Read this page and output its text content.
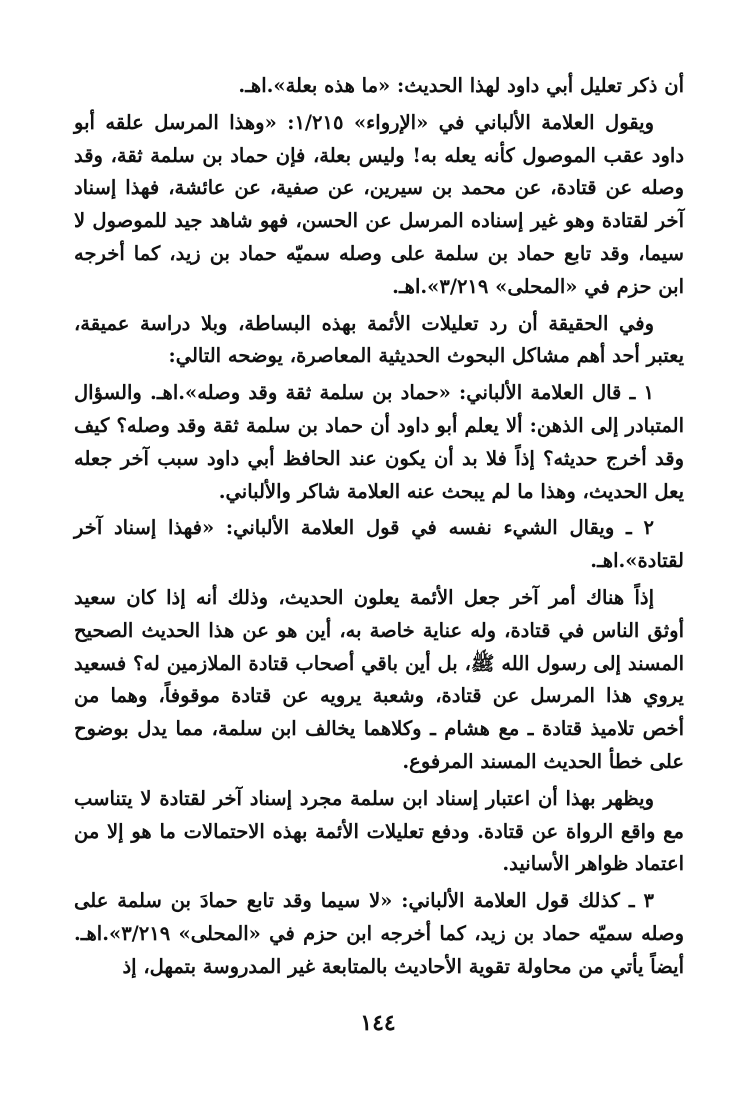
أن ذكر تعليل أبي داود لهذا الحديث: «ما هذه بعلة».اهـ.

ويقول العلامة الألباني في «الإرواء» ١/٢١٥: «وهذا المرسل علقه أبو داود عقب الموصول كأنه يعله به! وليس بعلة، فإن حماد بن سلمة ثقة، وقد وصله عن قتادة، عن محمد بن سيرين، عن صفية، عن عائشة، فهذا إسناد آخر لقتادة وهو غير إسناده المرسل عن الحسن، فهو شاهد جيد للموصول لا سيما، وقد تابع حماد بن سلمة على وصله سميّه حماد بن زيد، كما أخرجه ابن حزم في «المحلى» ٣/٢١٩».اهـ.

وفي الحقيقة أن رد تعليلات الأئمة بهذه البساطة، وبلا دراسة عميقة، يعتبر أحد أهم مشاكل البحوث الحديثية المعاصرة، يوضحه التالي:

١ ـ قال العلامة الألباني: «حماد بن سلمة ثقة وقد وصله».اهـ. والسؤال المتبادر إلى الذهن: ألا يعلم أبو داود أن حماد بن سلمة ثقة وقد وصله؟ كيف وقد أخرج حديثه؟ إذاً فلا بد أن يكون عند الحافظ أبي داود سبب آخر جعله يعل الحديث، وهذا ما لم يبحث عنه العلامة شاكر والألباني.

٢ ـ ويقال الشيء نفسه في قول العلامة الألباني: «فهذا إسناد آخر لقتادة».اهـ.

إذاً هناك أمر آخر جعل الأئمة يعلون الحديث، وذلك أنه إذا كان سعيد أوثق الناس في قتادة، وله عناية خاصة به، أين هو عن هذا الحديث الصحيح المسند إلى رسول الله ﷺ، بل أين باقي أصحاب قتادة الملازمين له؟ فسعيد يروي هذا المرسل عن قتادة، وشعبة يرويه عن قتادة موقوفاً، وهما من أخص تلاميذ قتادة ـ مع هشام ـ وكلاهما يخالف ابن سلمة، مما يدل بوضوح على خطأ الحديث المسند المرفوع.

ويظهر بهذا أن اعتبار إسناد ابن سلمة مجرد إسناد آخر لقتادة لا يتناسب مع واقع الرواة عن قتادة. ودفع تعليلات الأئمة بهذه الاحتمالات ما هو إلا من اعتماد ظواهر الأسانيد.

٣ ـ كذلك قول العلامة الألباني: «لا سيما وقد تابع حمادَ بن سلمة على وصله سميّه حماد بن زيد، كما أخرجه ابن حزم في «المحلى» ٣/٢١٩».اهـ. أيضاً يأتي من محاولة تقوية الأحاديث بالمتابعة غير المدروسة بتمهل، إذ

١٤٤
